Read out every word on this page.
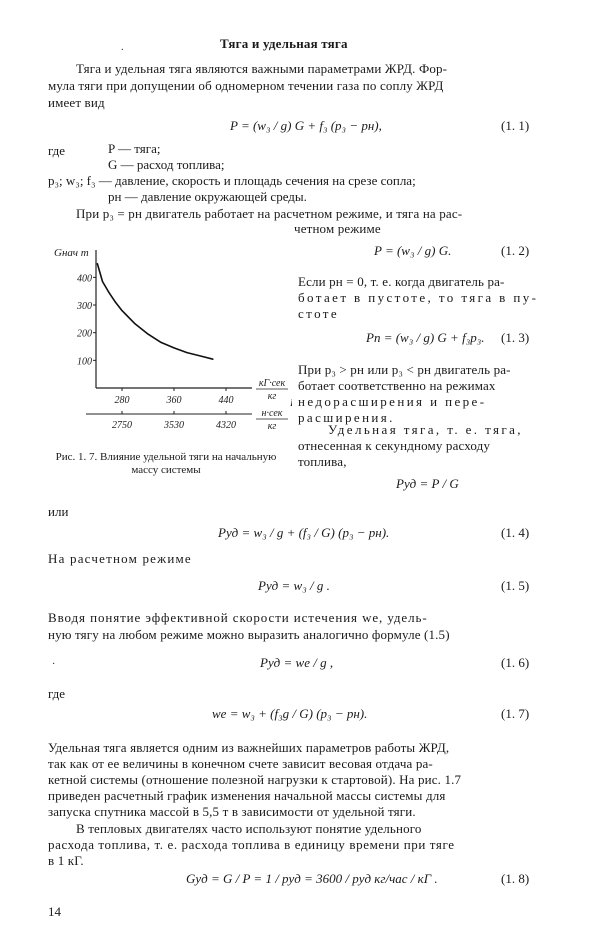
.	Тяга и удельная тяга
Тяга и удельная тяга являются важными параметрами ЖРД. Фор-
мула тяги при допущении об одномерном течении газа по соплу ЖРД
имеет вид
P = (w₃ / g) G + f₃ (p₃ − pн),	(1. 1)
где	P — тяга;
G — расход топлива;
p₃; w₃; f₃ — давление, скорость и площадь сечения на срезе сопла;
pн — давление окружающей среды.
При p₃ = pн двигатель работает на расчетном режиме, и тяга на рас-
четном режиме
Gнач т
100
200
300
400
280	360	440
2750	3530	4320
кГ·сек
кг
н·сек
кг
Рис. 1. 7. Влияние удельной тяги на начальную массу системы
P = (w₃ / g) G.	(1. 2)
Если pн = 0, т. е. когда двигатель ра-
ботает в пустоте, то тяга в пу-
стоте
Pп = (w₃ / g) G + f₃p₃. (1. 3)
При p₃ > pн или p₃ < pн двигатель ра-
ботает соответственно на режимах
недорасширения и пере-
расширения.
Удельная тяга, т. е. тяга,
отнесенная к секундному расходу
топлива,
Pуд = P / G
или
Pуд = w₃ / g + (f₃ / G) (p₃ − pн).	(1. 4)
На расчетном режиме
Pуд = w₃ / g .	(1. 5)
Вводя понятие эффективной скорости истечения we, удель-
ную тягу на любом режиме можно выразить аналогично формуле (1.5)
·	Pуд = we / g ,	(1. 6)
где
we = w₃ + (f₃g / G) (p₃ − pн).	(1. 7)
Удельная тяга является одним из важнейших параметров работы ЖРД,
так как от ее величины в конечном счете зависит весовая отдача ра-
кетной системы (отношение полезной нагрузки к стартовой). На рис. 1.7
приведен расчетный график изменения начальной массы системы для
запуска спутника массой в 5,5 т в зависимости от удельной тяги.
В тепловых двигателях часто используют понятие удельного
расхода топлива, т. е. расхода топлива в единицу времени при тяге
в 1 кГ.
Gуд = G / P = 1 / pуд = 3600 / pуд кг/час / кГ .	(1. 8)
14
